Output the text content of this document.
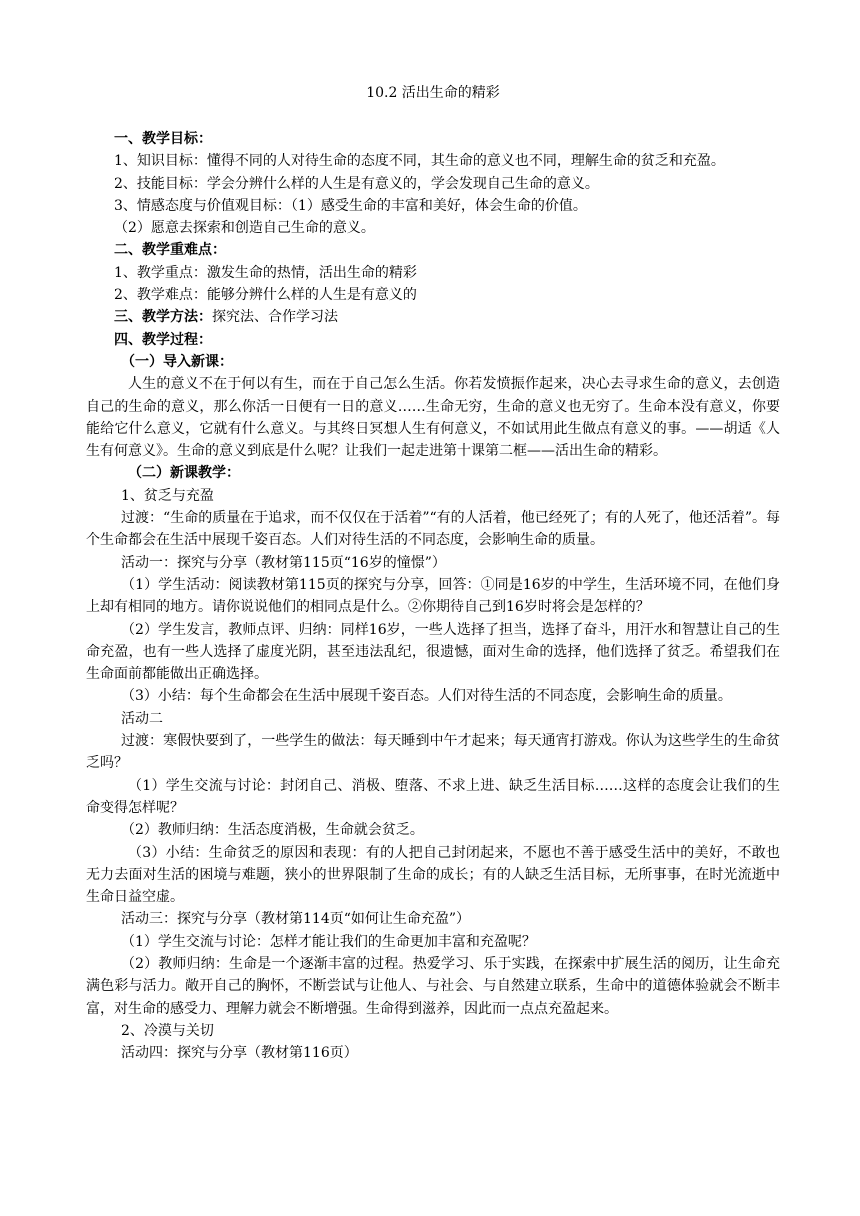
10.2 活出生命的精彩
一、教学目标：
1、知识目标：懂得不同的人对待生命的态度不同，其生命的意义也不同，理解生命的贫乏和充盈。
2、技能目标：学会分辨什么样的人生是有意义的，学会发现自己生命的意义。
3、情感态度与价值观目标：（1）感受生命的丰富和美好，体会生命的价值。
（2）愿意去探索和创造自己生命的意义。
二、教学重难点：
1、教学重点：激发生命的热情，活出生命的精彩
2、教学难点：能够分辨什么样的人生是有意义的
三、教学方法：探究法、合作学习法
四、教学过程：
（一）导入新课：
人生的意义不在于何以有生，而在于自己怎么生活。你若发愤振作起来，决心去寻求生命的意义，去创造自己的生命的意义，那么你活一日便有一日的意义……生命无穷，生命的意义也无穷了。生命本没有意义，你要能给它什么意义，它就有什么意义。与其终日冥想人生有何意义，不如试用此生做点有意义的事。——胡适《人生有何意义》。生命的意义到底是什么呢？让我们一起走进第十课第二框——活出生命的精彩。
（二）新课教学：
1、贫乏与充盈
过渡：“生命的质量在于追求，而不仅仅在于活着”“有的人活着，他已经死了；有的人死了，他还活着”。每个生命都会在生活中展现千姿百态。人们对待生活的不同态度，会影响生命的质量。
活动一：探究与分享（教材第115页“16岁的憧憬”）
（1）学生活动：阅读教材第115页的探究与分享，回答：①同是16岁的中学生，生活环境不同，在他们身上却有相同的地方。请你说说他们的相同点是什么。②你期待自己到16岁时将会是怎样的？
（2）学生发言，教师点评、归纳：同样16岁，一些人选择了担当，选择了奋斗，用汗水和智慧让自己的生命充盈，也有一些人选择了虚度光阴，甚至违法乱纪，很遗憾，面对生命的选择，他们选择了贫乏。希望我们在生命面前都能做出正确选择。
（3）小结：每个生命都会在生活中展现千姿百态。人们对待生活的不同态度，会影响生命的质量。
活动二
过渡：寒假快要到了，一些学生的做法：每天睡到中午才起来；每天通宵打游戏。你认为这些学生的生命贫乏吗？
（1）学生交流与讨论：封闭自己、消极、堕落、不求上进、缺乏生活目标……这样的态度会让我们的生命变得怎样呢？
（2）教师归纳：生活态度消极，生命就会贫乏。
（3）小结：生命贫乏的原因和表现：有的人把自己封闭起来，不愿也不善于感受生活中的美好，不敢也无力去面对生活的困境与难题，狭小的世界限制了生命的成长；有的人缺乏生活目标，无所事事，在时光流逝中生命日益空虚。
活动三：探究与分享（教材第114页“如何让生命充盈”）
（1）学生交流与讨论：怎样才能让我们的生命更加丰富和充盈呢？
（2）教师归纳：生命是一个逐渐丰富的过程。热爱学习、乐于实践，在探索中扩展生活的阅历，让生命充满色彩与活力。敞开自己的胸怀，不断尝试与让他人、与社会、与自然建立联系，生命中的道德体验就会不断丰富，对生命的感受力、理解力就会不断增强。生命得到滋养，因此而一点点充盈起来。
2、冷漠与关切
活动四：探究与分享（教材第116页）
